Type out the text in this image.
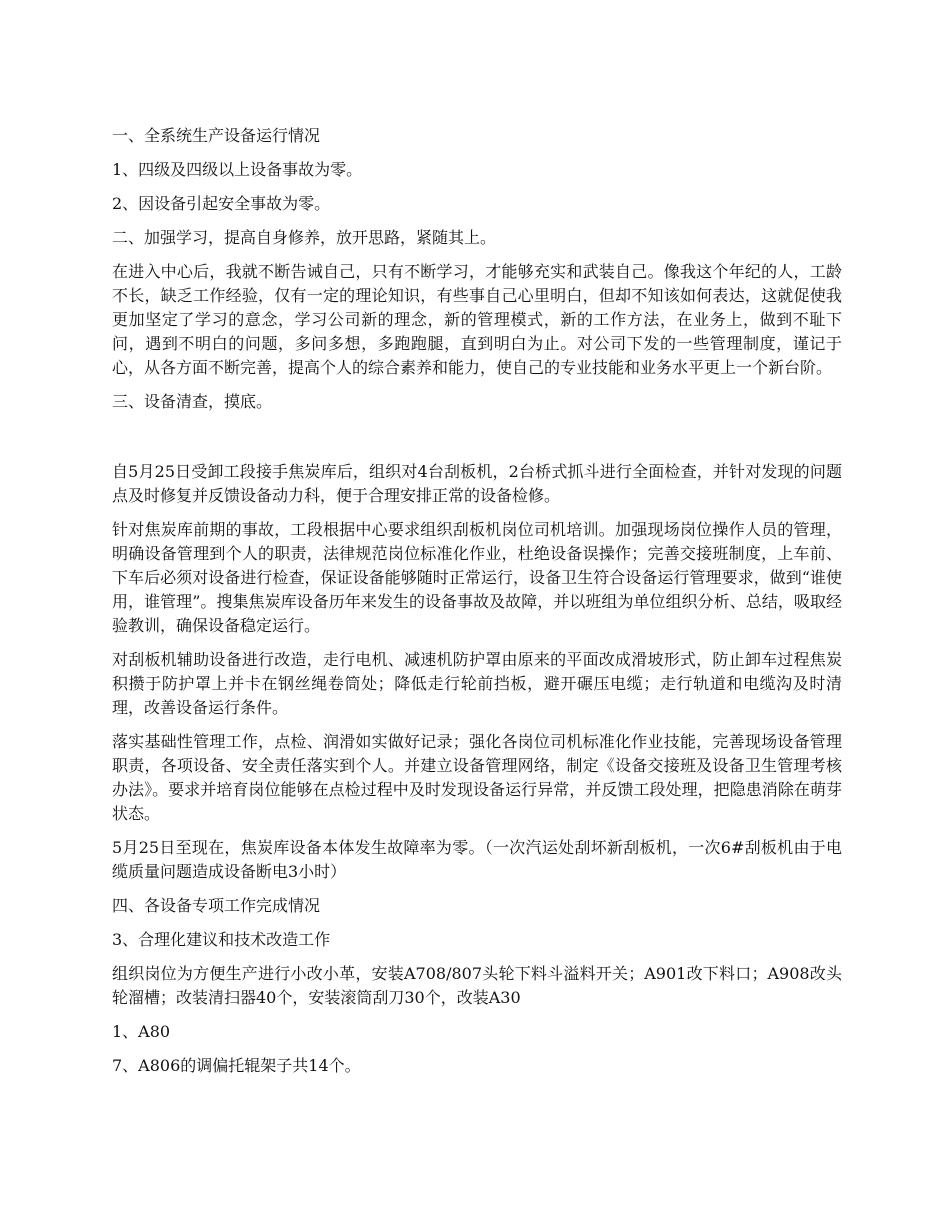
一、全系统生产设备运行情况

1、四级及四级以上设备事故为零。

2、因设备引起安全事故为零。

二、加强学习，提高自身修养，放开思路，紧随其上。

在进入中心后，我就不断告诫自己，只有不断学习，才能够充实和武装自己。像我这个年纪的人，工龄不长，缺乏工作经验，仅有一定的理论知识，有些事自己心里明白，但却不知该如何表达，这就促使我更加坚定了学习的意念，学习公司新的理念，新的管理模式，新的工作方法，在业务上，做到不耻下问，遇到不明白的问题，多问多想，多跑跑腿，直到明白为止。对公司下发的一些管理制度，谨记于心，从各方面不断完善，提高个人的综合素养和能力，使自己的专业技能和业务水平更上一个新台阶。

三、设备清查，摸底。

自5月25日受卸工段接手焦炭库后，组织对4台刮板机，2台桥式抓斗进行全面检查，并针对发现的问题点及时修复并反馈设备动力科，便于合理安排正常的设备检修。

针对焦炭库前期的事故，工段根据中心要求组织刮板机岗位司机培训。加强现场岗位操作人员的管理，明确设备管理到个人的职责，法律规范岗位标准化作业，杜绝设备误操作；完善交接班制度，上车前、下车后必须对设备进行检查，保证设备能够随时正常运行，设备卫生符合设备运行管理要求，做到“谁使用，谁管理”。搜集焦炭库设备历年来发生的设备事故及故障，并以班组为单位组织分析、总结，吸取经验教训，确保设备稳定运行。

对刮板机辅助设备进行改造，走行电机、减速机防护罩由原来的平面改成滑坡形式，防止卸车过程焦炭积攒于防护罩上并卡在钢丝绳卷筒处；降低走行轮前挡板，避开碾压电缆；走行轨道和电缆沟及时清理，改善设备运行条件。

落实基础性管理工作，点检、润滑如实做好记录；强化各岗位司机标准化作业技能，完善现场设备管理职责，各项设备、安全责任落实到个人。并建立设备管理网络，制定《设备交接班及设备卫生管理考核办法》。要求并培育岗位能够在点检过程中及时发现设备运行异常，并反馈工段处理，把隐患消除在萌芽状态。

5月25日至现在，焦炭库设备本体发生故障率为零。（一次汽运处刮坏新刮板机，一次6#刮板机由于电缆质量问题造成设备断电3小时）

四、各设备专项工作完成情况

3、合理化建议和技术改造工作

组织岗位为方便生产进行小改小革，安装A708/807头轮下料斗溢料开关；A901改下料口；A908改头轮溜槽；改装清扫器40个，安装滚筒刮刀30个，改装A30

1、A80

7、A806的调偏托辊架子共14个。
